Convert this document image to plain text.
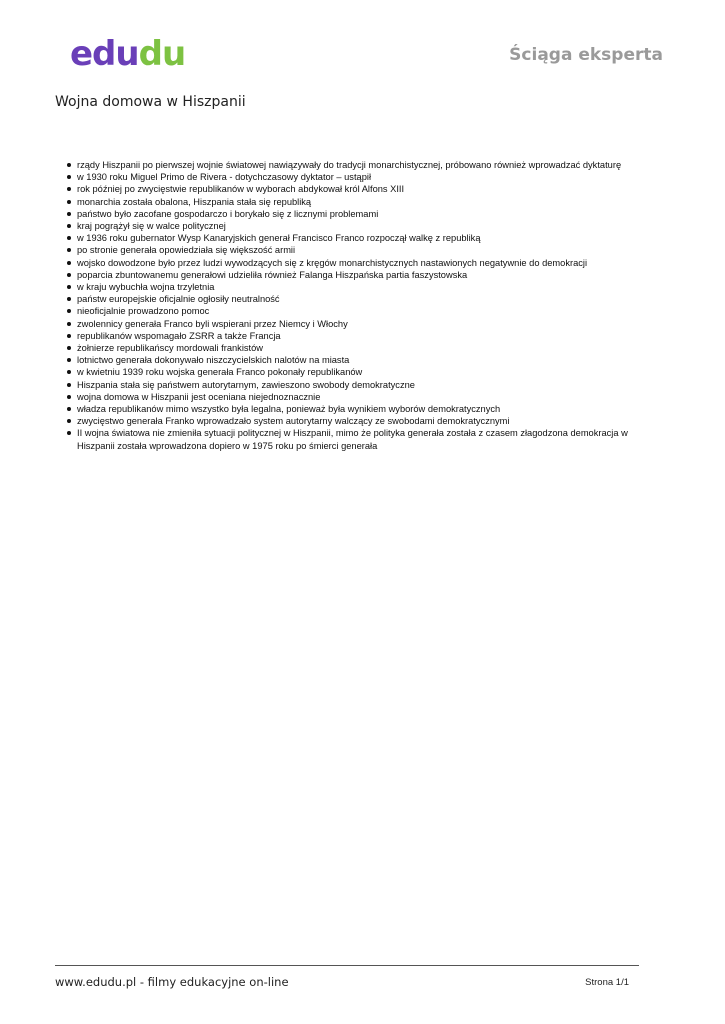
edudu	Ściąga eksperta
Wojna domowa w Hiszpanii
rządy Hiszpanii po pierwszej wojnie światowej nawiązywały do tradycji monarchistycznej, próbowano również wprowadzać dyktaturę
w 1930 roku Miguel Primo de Rivera - dotychczasowy dyktator – ustąpił
rok później po zwycięstwie republikanów w wyborach abdykował król Alfons XIII
monarchia została obalona, Hiszpania stała się republiką
państwo było zacofane gospodarczo i borykało się z licznymi problemami
kraj pogrążył się w walce politycznej
w 1936 roku gubernator Wysp Kanaryjskich generał Francisco Franco rozpoczął walkę z republiką
po stronie generała opowiedziała się większość armii
wojsko dowodzone było przez ludzi wywodzących się z kręgów monarchistycznych nastawionych negatywnie do demokracji
poparcia zbuntowanemu generałowi udzieliła również Falanga Hiszpańska partia faszystowska
w kraju wybuchła wojna trzyletnia
państw europejskie oficjalnie ogłosiły neutralność
nieoficjalnie prowadzono pomoc
zwolennicy generała Franco byli wspierani przez Niemcy i Włochy
republikanów wspomagało ZSRR a także Francja
żołnierze republikańscy mordowali frankistów
lotnictwo generała dokonywało niszczycielskich nalotów na miasta
w kwietniu 1939 roku wojska generała Franco pokonały republikanów
Hiszpania stała się państwem autorytarnym, zawieszono swobody demokratyczne
wojna domowa w Hiszpanii jest oceniana niejednoznacznie
władza republikanów mimo wszystko była legalna, ponieważ była wynikiem wyborów demokratycznych
zwycięstwo generała Franko wprowadzało system autorytarny walczący ze swobodami demokratycznymi
II wojna światowa nie zmieniła sytuacji politycznej w Hiszpanii, mimo że polityka generała została z czasem złagodzona demokracja w Hiszpanii została wprowadzona dopiero w 1975 roku po śmierci generała
www.edudu.pl - filmy edukacyjne on-line	Strona 1/1
